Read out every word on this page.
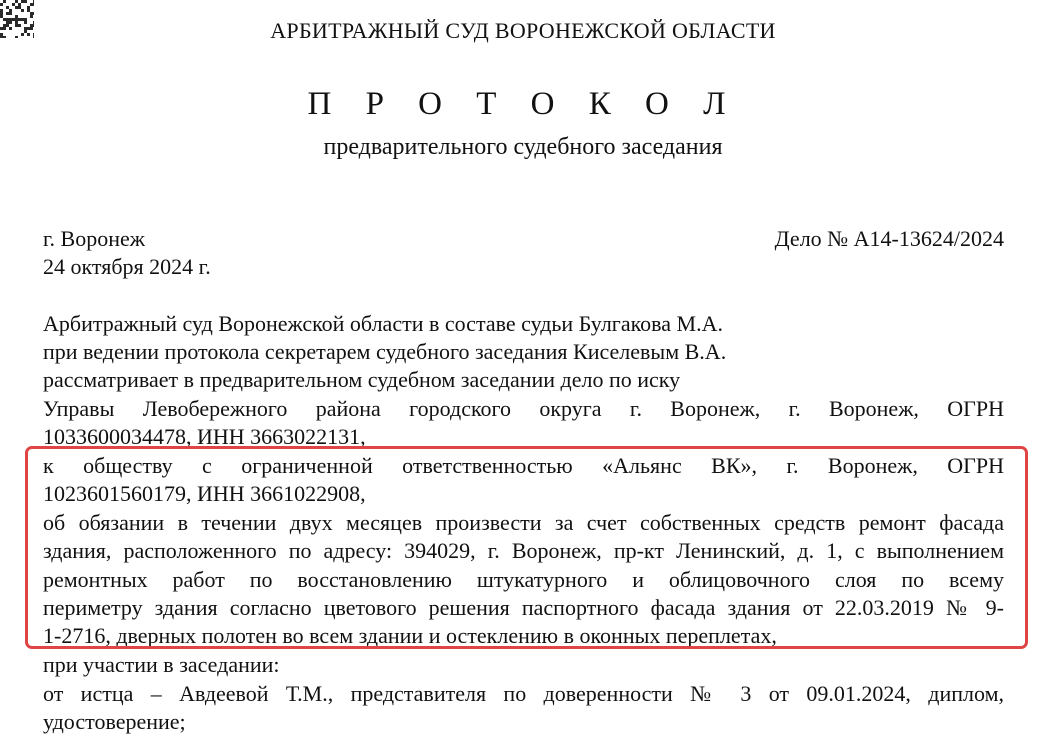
АРБИТРАЖНЫЙ СУД ВОРОНЕЖСКОЙ ОБЛАСТИ
П Р О Т О К О Л
предварительного судебного заседания
г. Воронеж	Дело № А14-13624/2024
24 октября 2024 г.
Арбитражный суд Воронежской области в составе судьи Булгакова М.А.
при ведении протокола секретарем судебного заседания Киселевым В.А.
рассматривает в предварительном судебном заседании дело по иску
Управы Левобережного района городского округа г. Воронеж, г. Воронеж, ОГРН
1033600034478, ИНН 3663022131,
к обществу с ограниченной ответственностью «Альянс ВК», г. Воронеж, ОГРН
1023601560179, ИНН 3661022908,
об обязании в течении двух месяцев произвести за счет собственных средств ремонт фасада
здания, расположенного по адресу: 394029, г. Воронеж, пр-кт Ленинский, д. 1, с выполнением
ремонтных работ по восстановлению штукатурного и облицовочного слоя по всему
периметру здания согласно цветового решения паспортного фасада здания от 22.03.2019 № 9-
1-2716, дверных полотен во всем здании и остеклению в оконных переплетах,
при участии в заседании:
от истца – Авдеевой Т.М., представителя по доверенности № 3 от 09.01.2024, диплом,
удостоверение;
